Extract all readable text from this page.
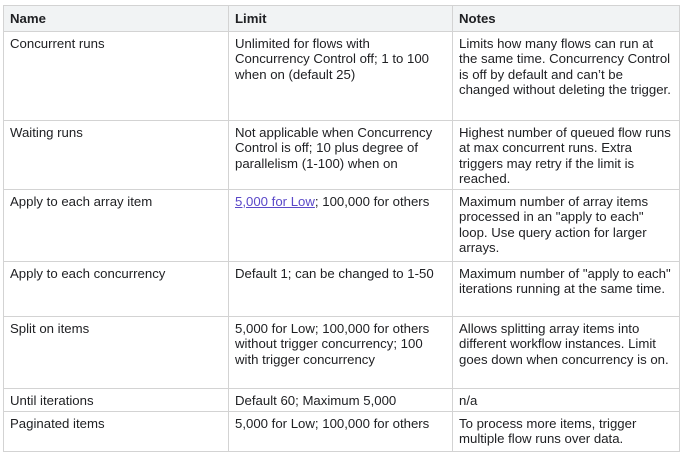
Name	Limit	Notes
Concurrent runs	Unlimited for flows with Concurrency Control off; 1 to 100 when on (default 25)	Limits how many flows can run at the same time. Concurrency Control is off by default and can’t be changed without deleting the trigger.
Waiting runs	Not applicable when Concurrency Control is off; 10 plus degree of parallelism (1-100) when on	Highest number of queued flow runs at max concurrent runs. Extra triggers may retry if the limit is reached.
Apply to each array item	5,000 for Low; 100,000 for others	Maximum number of array items processed in an "apply to each" loop. Use query action for larger arrays.
Apply to each concurrency	Default 1; can be changed to 1-50	Maximum number of "apply to each" iterations running at the same time.
Split on items	5,000 for Low; 100,000 for others without trigger concurrency; 100 with trigger concurrency	Allows splitting array items into different workflow instances. Limit goes down when concurrency is on.
Until iterations	Default 60; Maximum 5,000	n/a
Paginated items	5,000 for Low; 100,000 for others	To process more items, trigger multiple flow runs over data.
